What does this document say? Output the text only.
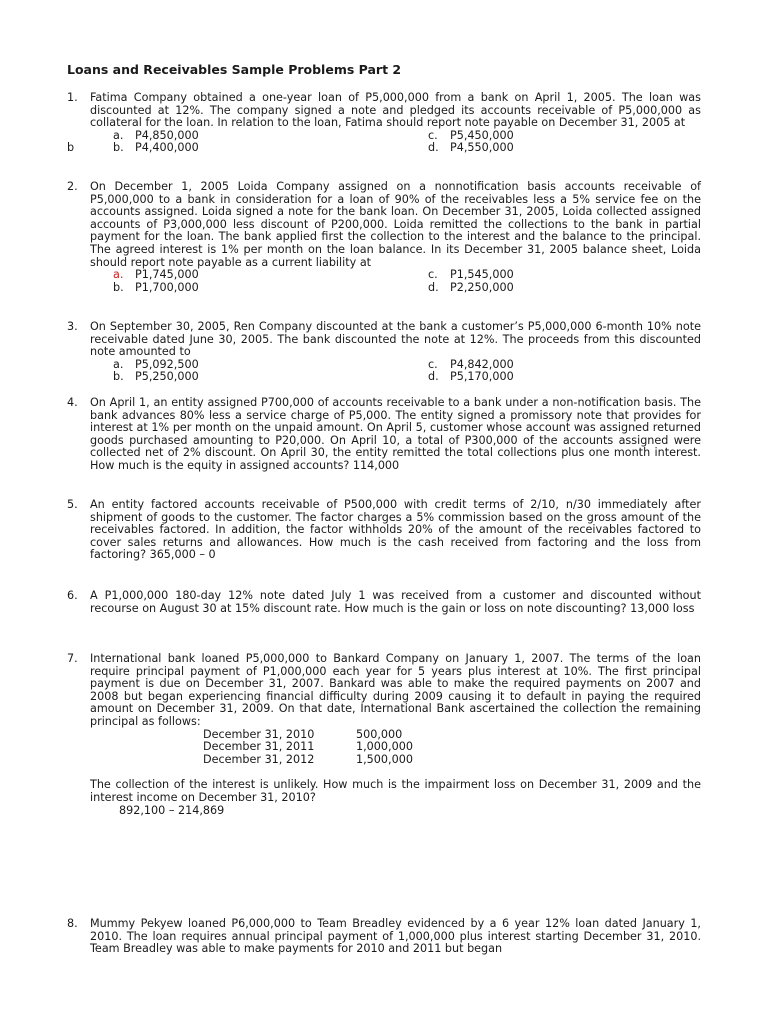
Loans and Receivables Sample Problems Part 2
1. Fatima Company obtained a one-year loan of P5,000,000 from a bank on April 1, 2005. The loan was discounted at 12%. The company signed a note and pledged its accounts receivable of P5,000,000 as collateral for the loan. In relation to the loan, Fatima should report note payable on December 31, 2005 at
a. P4,850,000	c. P5,450,000
b	b. P4,400,000	d. P4,550,000
2. On December 1, 2005 Loida Company assigned on a nonnotification basis accounts receivable of P5,000,000 to a bank in consideration for a loan of 90% of the receivables less a 5% service fee on the accounts assigned. Loida signed a note for the bank loan. On December 31, 2005, Loida collected assigned accounts of P3,000,000 less discount of P200,000. Loida remitted the collections to the bank in partial payment for the loan. The bank applied first the collection to the interest and the balance to the principal. The agreed interest is 1% per month on the loan balance. In its December 31, 2005 balance sheet, Loida should report note payable as a current liability at
a. P1,745,000	c. P1,545,000
b. P1,700,000	d. P2,250,000
3. On September 30, 2005, Ren Company discounted at the bank a customer’s P5,000,000 6-month 10% note receivable dated June 30, 2005. The bank discounted the note at 12%. The proceeds from this discounted note amounted to
a. P5,092,500	c. P4,842,000
b. P5,250,000	d. P5,170,000
4. On April 1, an entity assigned P700,000 of accounts receivable to a bank under a non-notification basis. The bank advances 80% less a service charge of P5,000. The entity signed a promissory note that provides for interest at 1% per month on the unpaid amount. On April 5, customer whose account was assigned returned goods purchased amounting to P20,000. On April 10, a total of P300,000 of the accounts assigned were collected net of 2% discount. On April 30, the entity remitted the total collections plus one month interest. How much is the equity in assigned accounts? 114,000
5. An entity factored accounts receivable of P500,000 with credit terms of 2/10, n/30 immediately after shipment of goods to the customer. The factor charges a 5% commission based on the gross amount of the receivables factored. In addition, the factor withholds 20% of the amount of the receivables factored to cover sales returns and allowances. How much is the cash received from factoring and the loss from factoring? 365,000 – 0
6. A P1,000,000 180-day 12% note dated July 1 was received from a customer and discounted without recourse on August 30 at 15% discount rate. How much is the gain or loss on note discounting? 13,000 loss
7. International bank loaned P5,000,000 to Bankard Company on January 1, 2007. The terms of the loan require principal payment of P1,000,000 each year for 5 years plus interest at 10%. The first principal payment is due on December 31, 2007. Bankard was able to make the required payments on 2007 and 2008 but began experiencing financial difficulty during 2009 causing it to default in paying the required amount on December 31, 2009. On that date, International Bank ascertained the collection the remaining principal as follows:
December 31, 2010	500,000
December 31, 2011	1,000,000
December 31, 2012	1,500,000
The collection of the interest is unlikely. How much is the impairment loss on December 31, 2009 and the interest income on December 31, 2010?
892,100 – 214,869
8. Mummy Pekyew loaned P6,000,000 to Team Breadley evidenced by a 6 year 12% loan dated January 1, 2010. The loan requires annual principal payment of 1,000,000 plus interest starting December 31, 2010. Team Breadley was able to make payments for 2010 and 2011 but began
